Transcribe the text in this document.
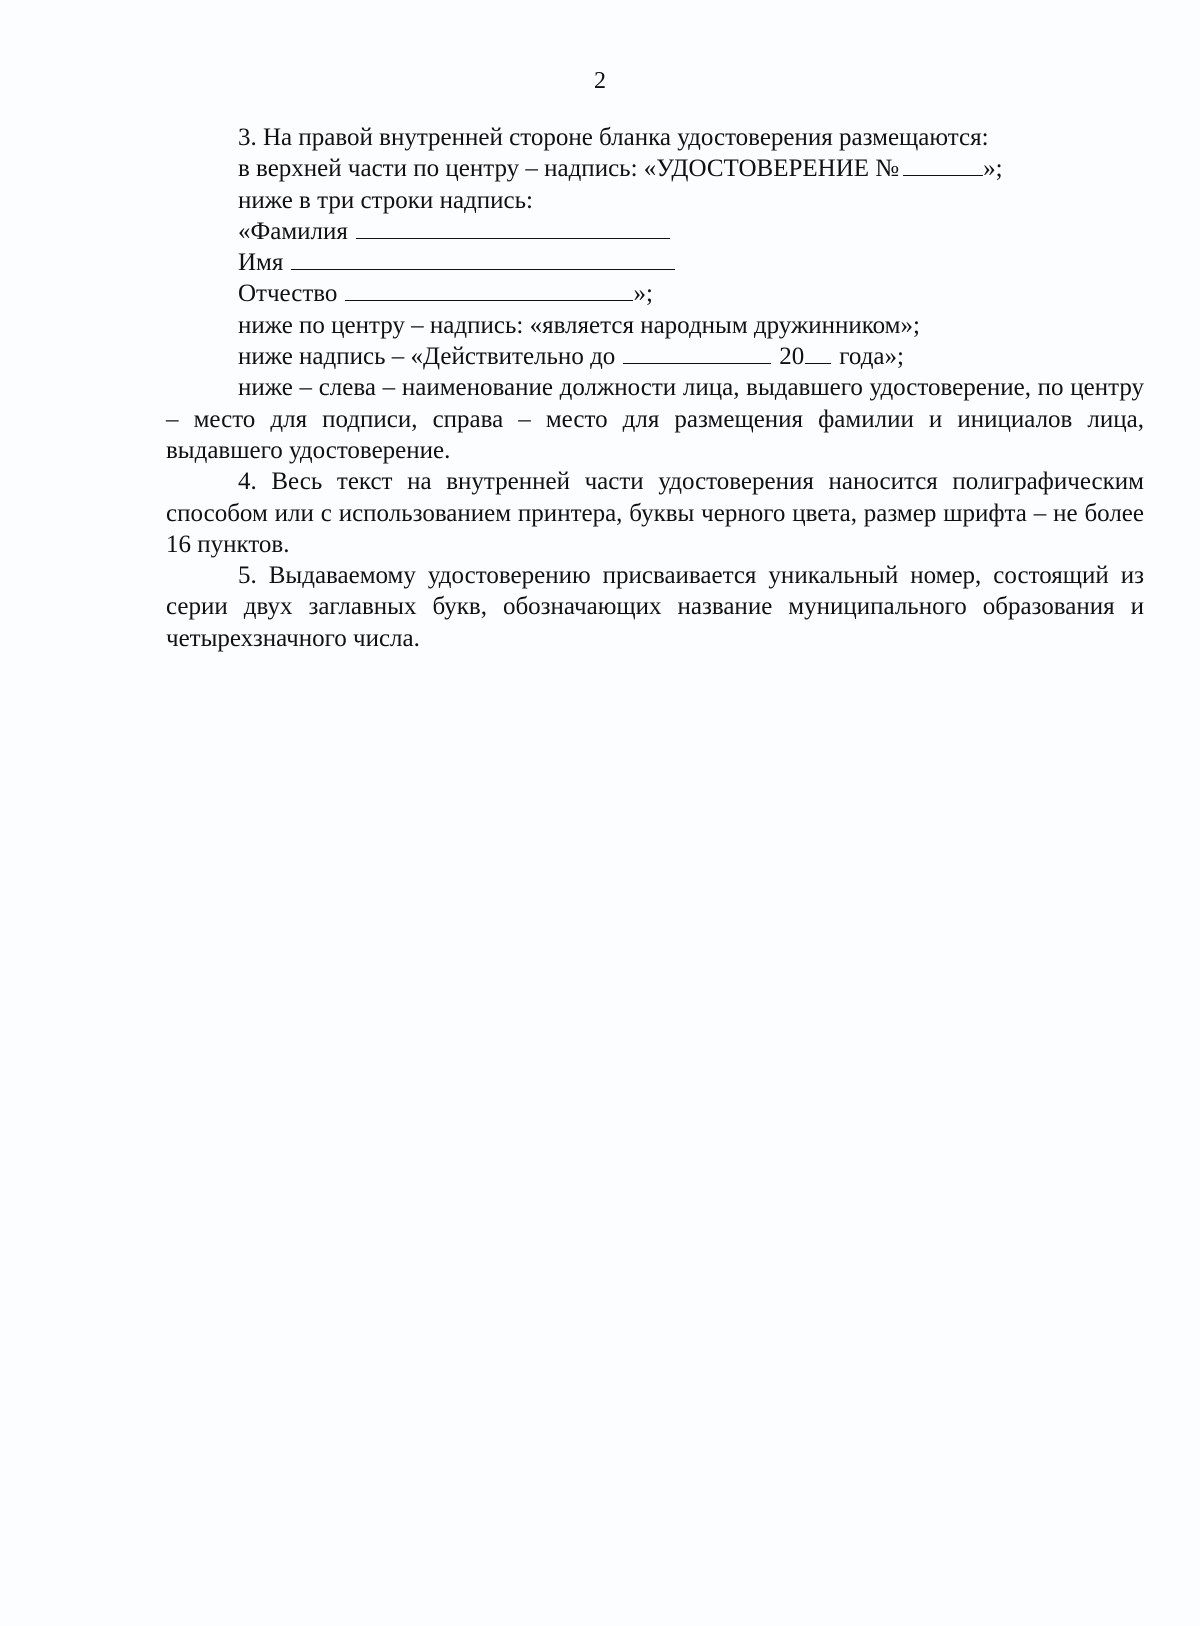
2
3. На правой внутренней стороне бланка удостоверения размещаются:
в верхней части по центру – надпись: «УДОСТОВЕРЕНИЕ №	»;
ниже в три строки надпись:
«Фамилия
Имя
Отчество	»;
ниже по центру – надпись: «является народным дружинником»;
ниже надпись – «Действительно до	20 года»;

ниже – слева – наименование должности лица, выдавшего удостоверение, по центру – место для подписи, справа – место для размещения фамилии и инициалов лица, выдавшего удостоверение.

4. Весь текст на внутренней части удостоверения наносится полиграфическим способом или с использованием принтера, буквы черного цвета, размер шрифта – не более 16 пунктов.

5. Выдаваемому удостоверению присваивается уникальный номер, состоящий из серии двух заглавных букв, обозначающих название муниципального образования и четырехзначного числа.
